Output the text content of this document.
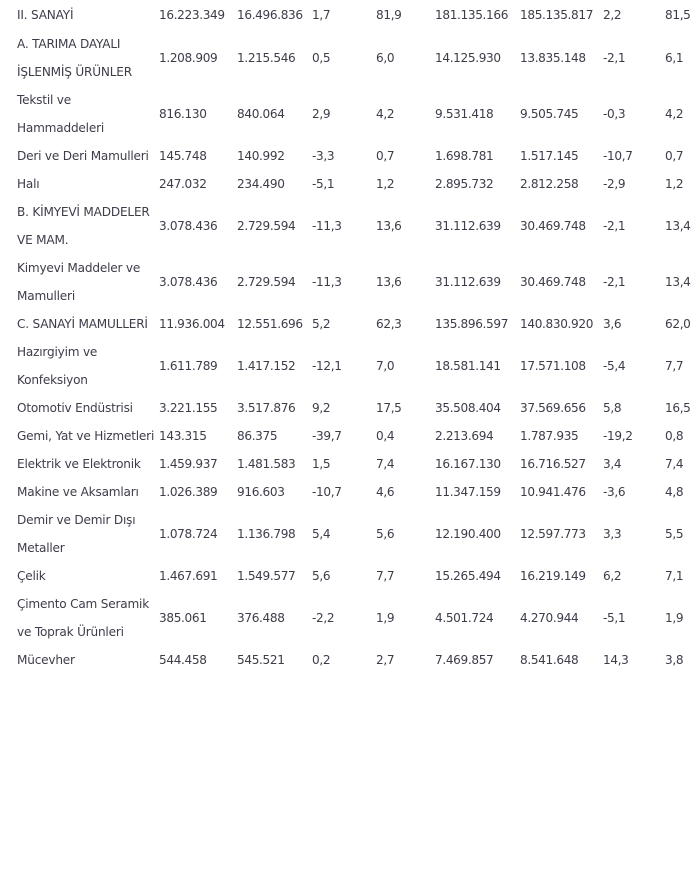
II. SANAYİ	16.223.349	16.496.836	1,7	81,9	181.135.166	185.135.817	2,2	81,5
A. TARIMA DAYALI İŞLENMİŞ ÜRÜNLER	1.208.909	1.215.546	0,5	6,0	14.125.930	13.835.148	-2,1	6,1
Tekstil ve Hammaddeleri	816.130	840.064	2,9	4,2	9.531.418	9.505.745	-0,3	4,2
Deri ve Deri Mamulleri	145.748	140.992	-3,3	0,7	1.698.781	1.517.145	-10,7	0,7
Halı	247.032	234.490	-5,1	1,2	2.895.732	2.812.258	-2,9	1,2
B. KİMYEVİ MADDELER VE MAM.	3.078.436	2.729.594	-11,3	13,6	31.112.639	30.469.748	-2,1	13,4
Kimyevi Maddeler ve Mamulleri	3.078.436	2.729.594	-11,3	13,6	31.112.639	30.469.748	-2,1	13,4
C. SANAYİ MAMULLERİ	11.936.004	12.551.696	5,2	62,3	135.896.597	140.830.920	3,6	62,0
Hazırgiyim ve Konfeksiyon	1.611.789	1.417.152	-12,1	7,0	18.581.141	17.571.108	-5,4	7,7
Otomotiv Endüstrisi	3.221.155	3.517.876	9,2	17,5	35.508.404	37.569.656	5,8	16,5
Gemi, Yat ve Hizmetleri	143.315	86.375	-39,7	0,4	2.213.694	1.787.935	-19,2	0,8
Elektrik ve Elektronik	1.459.937	1.481.583	1,5	7,4	16.167.130	16.716.527	3,4	7,4
Makine ve Aksamları	1.026.389	916.603	-10,7	4,6	11.347.159	10.941.476	-3,6	4,8
Demir ve Demir Dışı Metaller	1.078.724	1.136.798	5,4	5,6	12.190.400	12.597.773	3,3	5,5
Çelik	1.467.691	1.549.577	5,6	7,7	15.265.494	16.219.149	6,2	7,1
Çimento Cam Seramik ve Toprak Ürünleri	385.061	376.488	-2,2	1,9	4.501.724	4.270.944	-5,1	1,9
Mücevher	544.458	545.521	0,2	2,7	7.469.857	8.541.648	14,3	3,8
